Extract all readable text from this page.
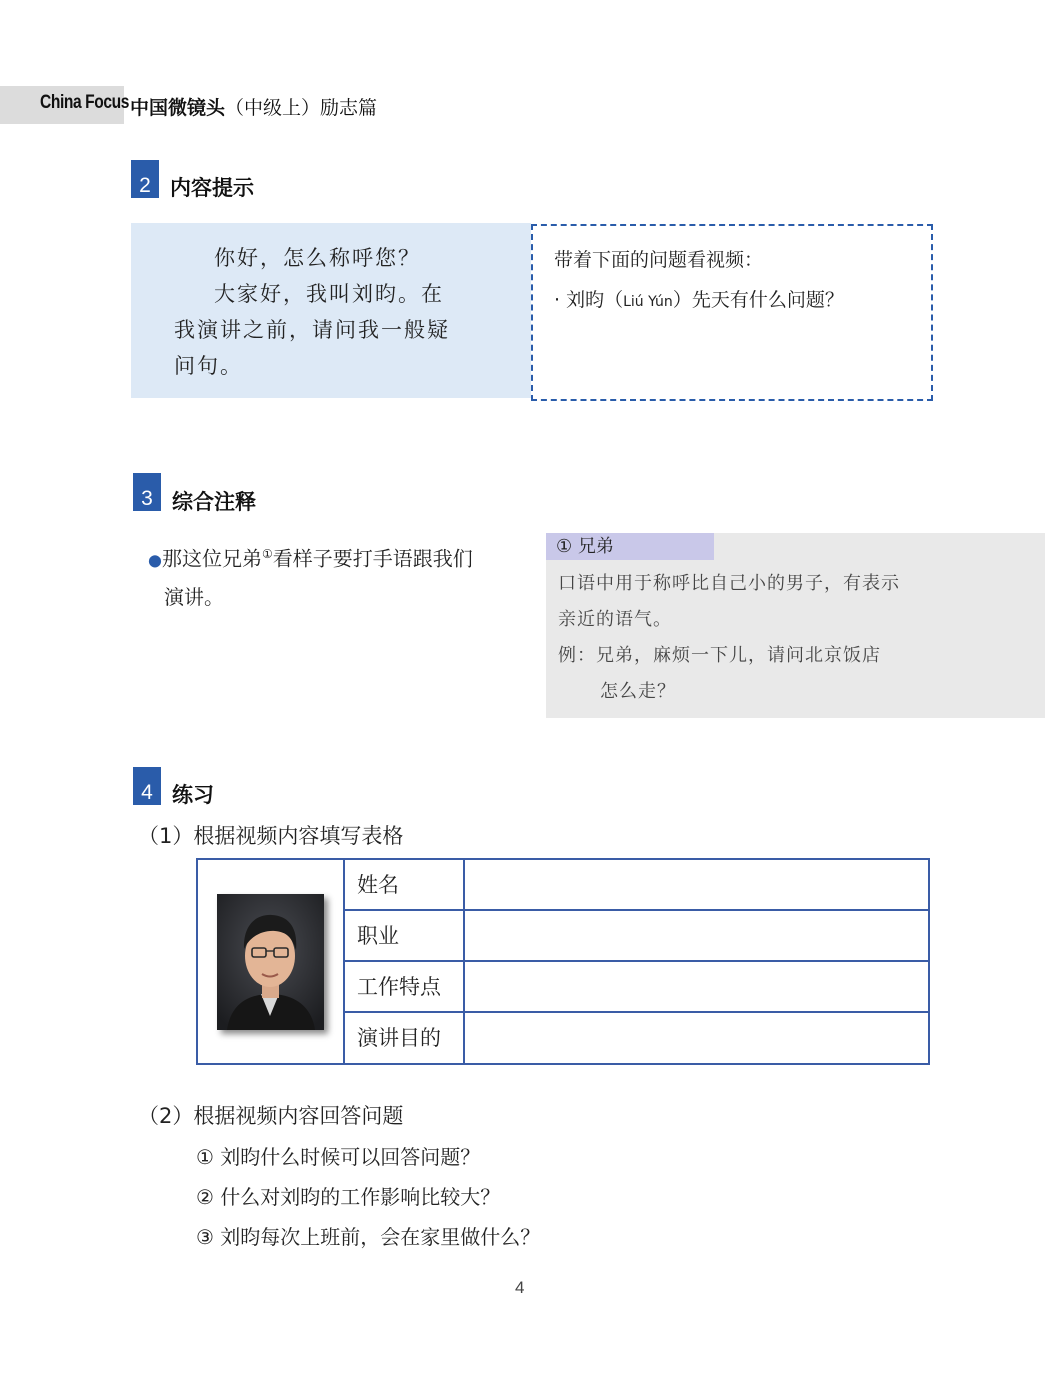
China Focus 中国微镜头（中级上）励志篇
2 内容提示

你好，怎么称呼您？

大家好，我叫刘昀。在

我演讲之前，请问我一般疑

问句。

带着下面的问题看视频：
· 刘昀（Liú Yún）先天有什么问题？
3 综合注释
●那这位兄弟①看样子要打手语跟我们
演讲。
① 兄弟

口语中用于称呼比自己小的男子，有表示

亲近的语气。

例：兄弟，麻烦一下儿，请问北京饭店

怎么走？

4 练习
（1）根据视频内容填写表格
姓名
职业
工作特点
演讲目的
（2）根据视频内容回答问题
① 刘昀什么时候可以回答问题？
② 什么对刘昀的工作影响比较大？
③ 刘昀每次上班前，会在家里做什么？
4
